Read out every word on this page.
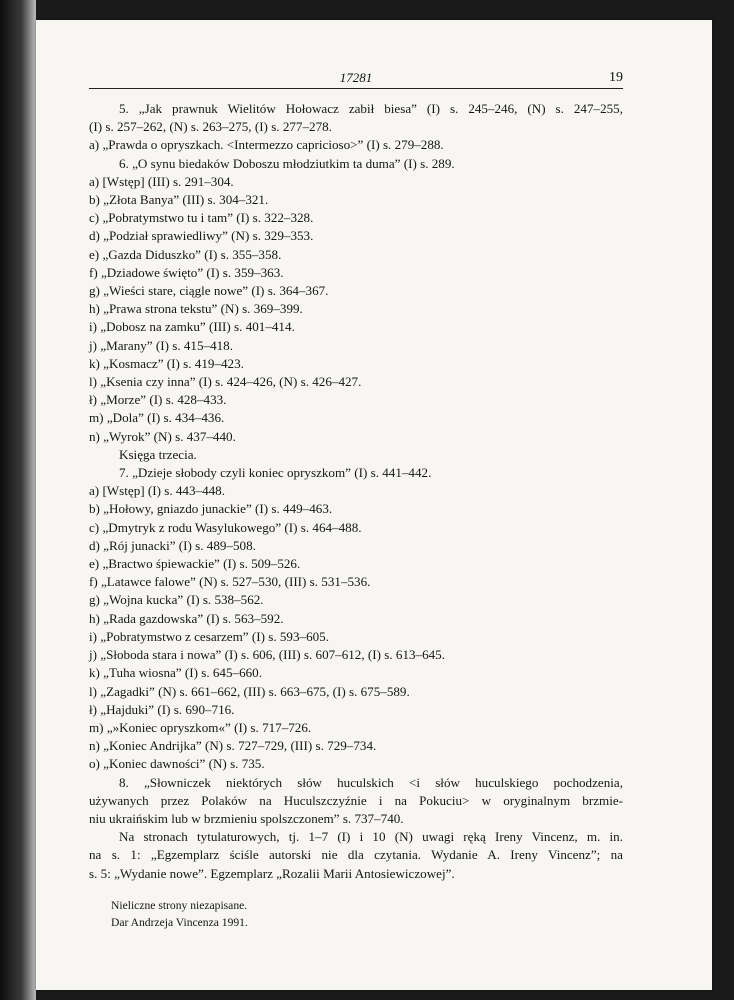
17281	19
5. „Jak prawnuk Wielitów Hołowacz zabił biesa” (I) s. 245–246, (N) s. 247–255,
(I) s. 257–262, (N) s. 263–275, (I) s. 277–278.
a) „Prawda o opryszkach. <Intermezzo capricioso>” (I) s. 279–288.
6. „O synu biedaków Doboszu młodziutkim ta duma” (I) s. 289.
a) [Wstęp] (III) s. 291–304.
b) „Złota Banya” (III) s. 304–321.
c) „Pobratymstwo tu i tam” (I) s. 322–328.
d) „Podział sprawiedliwy” (N) s. 329–353.
e) „Gazda Diduszko” (I) s. 355–358.
f) „Dziadowe święto” (I) s. 359–363.
g) „Wieści stare, ciągle nowe” (I) s. 364–367.
h) „Prawa strona tekstu” (N) s. 369–399.
i) „Dobosz na zamku” (III) s. 401–414.
j) „Marany” (I) s. 415–418.
k) „Kosmacz” (I) s. 419–423.
l) „Ksenia czy inna” (I) s. 424–426, (N) s. 426–427.
ł) „Morze” (I) s. 428–433.
m) „Dola” (I) s. 434–436.
n) „Wyrok” (N) s. 437–440.
Księga trzecia.
7. „Dzieje słobody czyli koniec opryszkom” (I) s. 441–442.
a) [Wstęp] (I) s. 443–448.
b) „Hołowy, gniazdo junackie” (I) s. 449–463.
c) „Dmytryk z rodu Wasylukowego” (I) s. 464–488.
d) „Rój junacki” (I) s. 489–508.
e) „Bractwo śpiewackie” (I) s. 509–526.
f) „Latawce falowe” (N) s. 527–530, (III) s. 531–536.
g) „Wojna kucka” (I) s. 538–562.
h) „Rada gazdowska” (I) s. 563–592.
i) „Pobratymstwo z cesarzem” (I) s. 593–605.
j) „Słoboda stara i nowa” (I) s. 606, (III) s. 607–612, (I) s. 613–645.
k) „Tuha wiosna” (I) s. 645–660.
l) „Zagadki” (N) s. 661–662, (III) s. 663–675, (I) s. 675–589.
ł) „Hajduki” (I) s. 690–716.
m) „»Koniec opryszkom«” (I) s. 717–726.
n) „Koniec Andrijka” (N) s. 727–729, (III) s. 729–734.
o) „Koniec dawności” (N) s. 735.
8. „Słowniczek niektórych słów huculskich <i słów huculskiego pochodzenia,
używanych przez Polaków na Huculszczyźnie i na Pokuciu> w oryginalnym brzmie-
niu ukraińskim lub w brzmieniu spolszczonem” s. 737–740.
Na stronach tytulaturowych, tj. 1–7 (I) i 10 (N) uwagi ręką Ireny Vincenz, m. in.
na s. 1: „Egzemplarz ściśle autorski nie dla czytania. Wydanie A. Ireny Vincenz”; na
s. 5: „Wydanie nowe”. Egzemplarz „Rozalii Marii Antosiewiczowej”.
Nieliczne strony niezapisane.
Dar Andrzeja Vincenza 1991.
